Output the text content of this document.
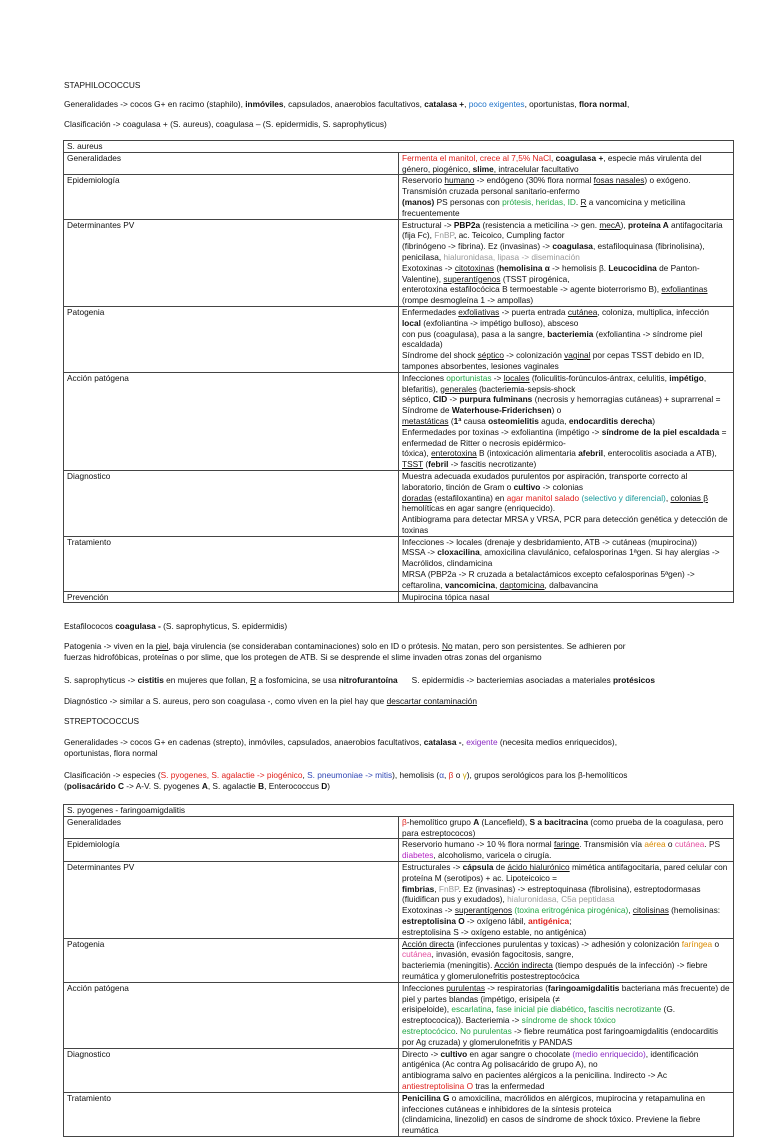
STAPHILOCOCCUS

Generalidades -> cocos G+ en racimo (staphilo), inmóviles, capsulados, anaerobios facultativos, catalasa +, poco exigentes, oportunistas, flora normal,

Clasificación -> coagulasa + (S. aureus), coagulasa – (S. epidermidis, S. saprophyticus)

S. aureus	
Generalidades	Fermenta el manitol, crece al 7,5% NaCl, coagulasa +, especie más virulenta del género, piogénico, slime, intracelular facultativo
Epidemiología	Reservorio humano -> endógeno (30% flora normal fosas nasales) o exógeno. Transmisión cruzada personal sanitario-enfermo
(manos) PS personas con prótesis, heridas, ID. R a vancomicina y meticilina frecuentemente
Determinantes PV	Estructural -> PBP2a (resistencia a meticilina -> gen. mecA), proteína A antifagocitaria (fija Fc), FnBP, ac. Teicoico, Cumpling factor
(fibrinógeno -> fibrina). Ez (invasinas) -> coagulasa, estafiloquinasa (fibrinolisina), penicilasa, hialuronidasa, lipasa -> diseminación
Exotoxinas -> citotoxinas (hemolisina α -> hemolisis β. Leucocidina de Panton-Valentine), superantígenos (TSST pirogénica,
enterotoxina estafilocócica B termoestable -> agente bioterrorismo B), exfoliantinas (rompe desmogleína 1 -> ampollas)
Patogenia	Enfermedades exfoliativas -> puerta entrada cutánea, coloniza, multiplica, infección local (exfoliantina -> impétigo bulloso), absceso
con pus (coagulasa), pasa a la sangre, bacteriemia (exfoliantina -> síndrome piel escaldada)
Síndrome del shock séptico -> colonización vaginal por cepas TSST debido en ID, tampones absorbentes, lesiones vaginales
Acción patógena	Infecciones oportunistas -> locales (foliculitis-forúnculos-ántrax, celulitis, impétigo, blefaritis), generales (bacteriemia-sepsis-shock
séptico, CID -> purpura fulminans (necrosis y hemorragias cutáneas) + suprarrenal = Síndrome de Waterhouse-Friderichsen) o
metastáticas (1ª causa osteomielitis aguda, endocarditis derecha)
Enfermedades por toxinas -> exfoliantina (impétigo -> síndrome de la piel escaldada = enfermedad de Ritter o necrosis epidérmico-
tóxica), enterotoxina B (intoxicación alimentaria afebril, enterocolitis asociada a ATB), TSST (febril -> fascitis necrotizante)
Diagnostico	Muestra adecuada exudados purulentos por aspiración, transporte correcto al laboratorio, tinción de Gram o cultivo -> colonias
doradas (estafiloxantina) en agar manitol salado (selectivo y diferencial), colonias β hemolíticas en agar sangre (enriquecido).
Antibiograma para detectar MRSA y VRSA, PCR para detección genética y detección de toxinas
Tratamiento	Infecciones -> locales (drenaje y desbridamiento, ATB -> cutáneas (mupirocina))
MSSA -> cloxacilina, amoxicilina clavulánico, cefalosporinas 1ªgen. Si hay alergias -> Macrólidos, clindamicina
MRSA (PBP2a -> R cruzada a betalactámicos excepto cefalosporinas 5ªgen) -> ceftarolina, vancomicina, daptomicina, dalbavancina
Prevención	Mupirocina tópica nasal

Estafilococos coagulasa - (S. saprophyticus, S. epidermidis)

Patogenia -> viven en la piel, baja virulencia (se consideraban contaminaciones) solo en ID o prótesis. No matan, pero son persistentes. Se adhieren por
fuerzas hidrofóbicas, proteínas o por slime, que los protegen de ATB. Si se desprende el slime invaden otras zonas del organismo

S. saprophyticus -> cistitis en mujeres que follan, R a fosfomicina, se usa nitrofurantoína S. epidermidis -> bacteriemias asociadas a materiales protésicos

Diagnóstico -> similar a S. aureus, pero son coagulasa -, como viven en la piel hay que descartar contaminación

STREPTOCOCCUS

Generalidades -> cocos G+ en cadenas (strepto), inmóviles, capsulados, anaerobios facultativos, catalasa -, exigente (necesita medios enriquecidos),
oportunistas, flora normal

Clasificación -> especies (S. pyogenes, S. agalactie -> piogénico, S. pneumoniae -> mitis), hemolisis (α, β o γ), grupos serológicos para los β-hemolíticos
(polisacárido C -> A-V. S. pyogenes A, S. agalactie B, Enterococcus D)

S. pyogenes - faringoamigdalitis	
Generalidades	β-hemolítico grupo A (Lancefield), S a bacitracina (como prueba de la coagulasa, pero para estreptococos)
Epidemiología	Reservorio humano -> 10 % flora normal faringe. Transmisión vía aérea o cutánea. PS diabetes, alcoholismo, varicela o cirugía.
Determinantes PV	Estructurales -> cápsula de ácido hialurónico mimética antifagocitaria, pared celular con proteína M (serotipos) + ac. Lipoteicoico =
fimbrias, FnBP. Ez (invasinas) -> estreptoquinasa (fibrolisina), estreptodormasas (fluidifican pus y exudados), hialuronidasa, C5a peptidasa
Exotoxinas -> superantígenos (toxina eritrogénica pirogénica), citolisinas (hemolisinas: estreptolisina O -> oxígeno lábil, antigénica;
estreptolisina S -> oxígeno estable, no antigénica)
Patogenia	Acción directa (infecciones purulentas y toxicas) -> adhesión y colonización faríngea o cutánea, invasión, evasión fagocitosis, sangre,
bacteriemia (meningitis). Acción indirecta (tiempo después de la infección) -> fiebre reumática y glomerulonefritis postestreptocócica
Acción patógena	Infecciones purulentas -> respiratorias (faringoamigdalitis bacteriana más frecuente) de piel y partes blandas (impétigo, erisipela (≠
erisipeloide), escarlatina, fase inicial pie diabético, fascitis necrotizante (G. estreptococica)). Bacteriemia -> síndrome de shock tóxico
estreptocócico. No purulentas -> fiebre reumática post faringoamigdalitis (endocarditis por Ag cruzada) y glomerulonefritis y PANDAS
Diagnostico	Directo -> cultivo en agar sangre o chocolate (medio enriquecido), identificación antigénica (Ac contra Ag polisacárido de grupo A), no
antibiograma salvo en pacientes alérgicos a la penicilina. Indirecto -> Ac antiestreptolisina O tras la enfermedad
Tratamiento	Penicilina G o amoxicilina, macrólidos en alérgicos, mupirocina y retapamulina en infecciones cutáneas e inhibidores de la síntesis proteica
(clindamicina, linezolid) en casos de síndrome de shock tóxico. Previene la fiebre reumática
